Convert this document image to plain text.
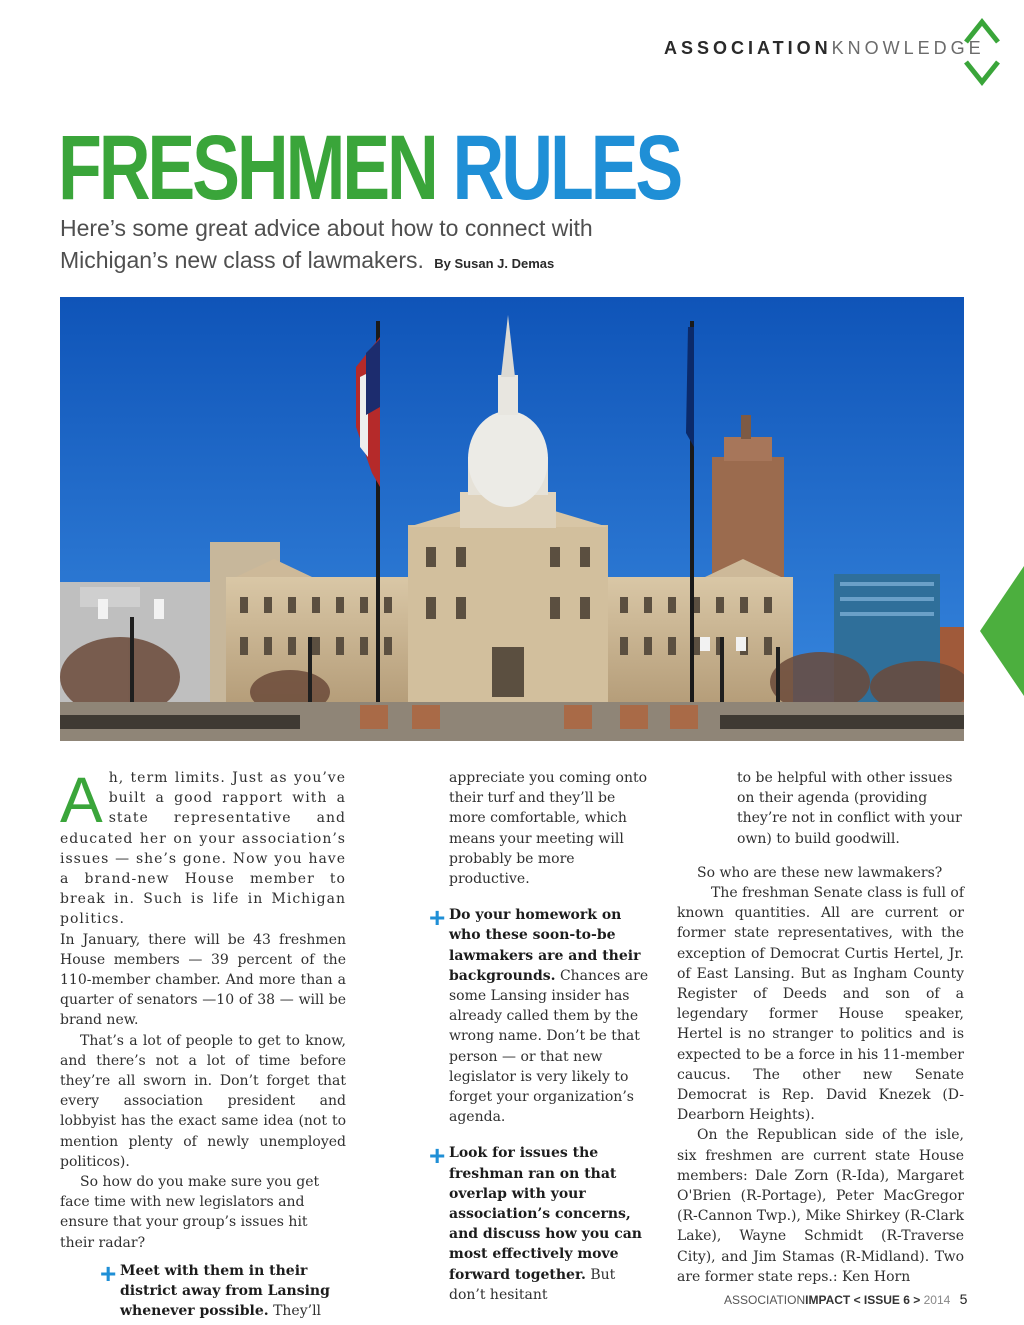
ASSOCIATIONKNOWLEDGE
FRESHMEN RULES
Here’s some great advice about how to connect with Michigan’s new class of lawmakers. By Susan J. Demas
A h, term limits. Just as you’ve built a good rapport with a state representative and educated her on your association’s issues — she’s gone. Now you have a brand-new House member to break in. Such is life in Michigan politics.

In January, there will be 43 freshmen House members — 39 percent of the 110-member chamber. And more than a quarter of senators —10 of 38 — will be brand new.

That’s a lot of people to get to know, and there’s not a lot of time before they’re all sworn in. Don’t forget that every association president and lobbyist has the exact same idea (not to mention plenty of newly unemployed politicos).

So how do you make sure you get face time with new legislators and ensure that your group’s issues hit their radar?

+ Meet with them in their district away from Lansing whenever possible. They’ll

appreciate you coming onto their turf and they’ll be more comfortable, which means your meeting will probably be more productive.

+ Do your homework on who these soon-to-be lawmakers are and their backgrounds. Chances are some Lansing insider has already called them by the wrong name. Don’t be that person — or that new legislator is very likely to forget your organization’s agenda.

+ Look for issues the freshman ran on that overlap with your association’s concerns, and discuss how you can most effectively move forward together. But don’t hesitant

to be helpful with other issues on their agenda (providing they’re not in conflict with your own) to build goodwill.

So who are these new lawmakers?

The freshman Senate class is full of known quantities. All are current or former state representatives, with the exception of Democrat Curtis Hertel, Jr. of East Lansing. But as Ingham County Register of Deeds and son of a legendary former House speaker, Hertel is no stranger to politics and is expected to be a force in his 11-member caucus. The other new Senate Democrat is Rep. David Knezek (D-Dearborn Heights).

On the Republican side of the isle, six freshmen are current state House members: Dale Zorn (R-Ida), Margaret O'Brien (R-Portage), Peter MacGregor (R-Cannon Twp.), Mike Shirkey (R-Clark Lake), Wayne Schmidt (R-Traverse City), and Jim Stamas (R-Midland). Two are former state reps.: Ken Horn

ASSOCIATIONIMPACT < ISSUE 6 > 2014 5
